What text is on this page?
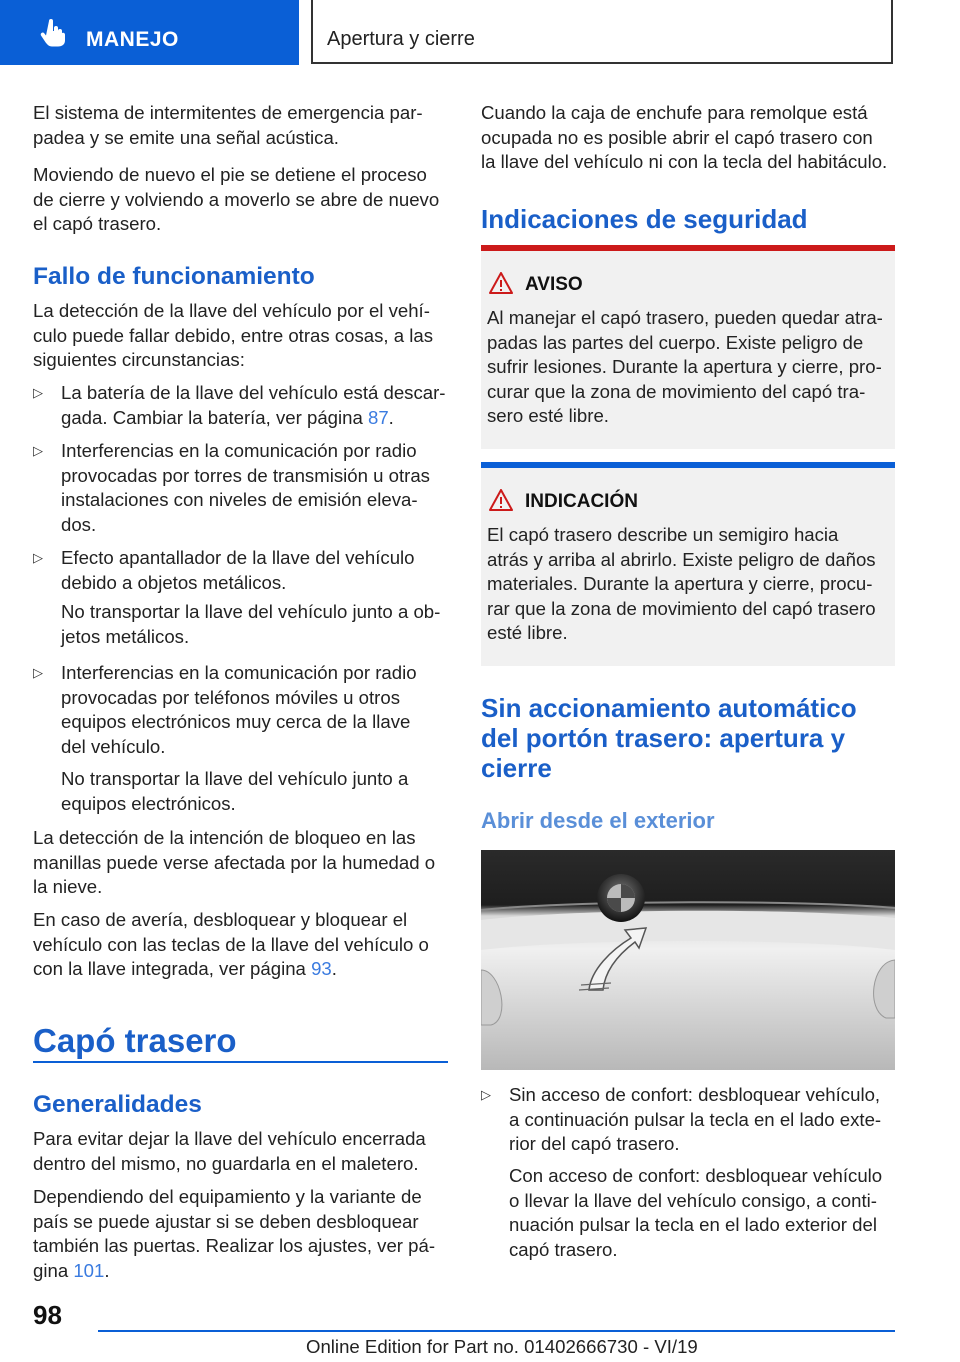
MANEJO	Apertura y cierre

El sistema de intermitentes de emergencia par‐
padea y se emite una señal acústica.

Moviendo de nuevo el pie se detiene el proceso
de cierre y volviendo a moverlo se abre de nuevo
el capó trasero.

Fallo de funcionamiento

La detección de la llave del vehículo por el vehí‐
culo puede fallar debido, entre otras cosas, a las
siguientes circunstancias:

▷ La batería de la llave del vehículo está descar‐
gada. Cambiar la batería, ver página 87.

▷ Interferencias en la comunicación por radio
provocadas por torres de transmisión u otras
instalaciones con niveles de emisión eleva‐
dos.

▷ Efecto apantallador de la llave del vehículo
debido a objetos metálicos.

No transportar la llave del vehículo junto a ob‐
jetos metálicos.

▷ Interferencias en la comunicación por radio
provocadas por teléfonos móviles u otros
equipos electrónicos muy cerca de la llave
del vehículo.

No transportar la llave del vehículo junto a
equipos electrónicos.

La detección de la intención de bloqueo en las
manillas puede verse afectada por la humedad o
la nieve.

En caso de avería, desbloquear y bloquear el
vehículo con las teclas de la llave del vehículo o
con la llave integrada, ver página 93.

Capó trasero
Generalidades

Para evitar dejar la llave del vehículo encerrada
dentro del mismo, no guardarla en el maletero.

Dependiendo del equipamiento y la variante de
país se puede ajustar si se deben desbloquear
también las puertas. Realizar los ajustes, ver pá‐
gina 101.

Cuando la caja de enchufe para remolque está
ocupada no es posible abrir el capó trasero con
la llave del vehículo ni con la tecla del habitáculo.

Indicaciones de seguridad
AVISO

Al manejar el capó trasero, pueden quedar atra‐
padas las partes del cuerpo. Existe peligro de
sufrir lesiones. Durante la apertura y cierre, pro‐
curar que la zona de movimiento del capó tra‐
sero esté libre.

INDICACIÓN

El capó trasero describe un semigiro hacia
atrás y arriba al abrirlo. Existe peligro de daños
materiales. Durante la apertura y cierre, procu‐
rar que la zona de movimiento del capó trasero
esté libre.

Sin accionamiento automático
del portón trasero: apertura y
cierre
Abrir desde el exterior
▷ Sin acceso de confort: desbloquear vehículo,
a continuación pulsar la tecla en el lado exte‐
rior del capó trasero.

Con acceso de confort: desbloquear vehículo
o llevar la llave del vehículo consigo, a conti‐
nuación pulsar la tecla en el lado exterior del
capó trasero.

98
Online Edition for Part no. 01402666730 - VI/19
